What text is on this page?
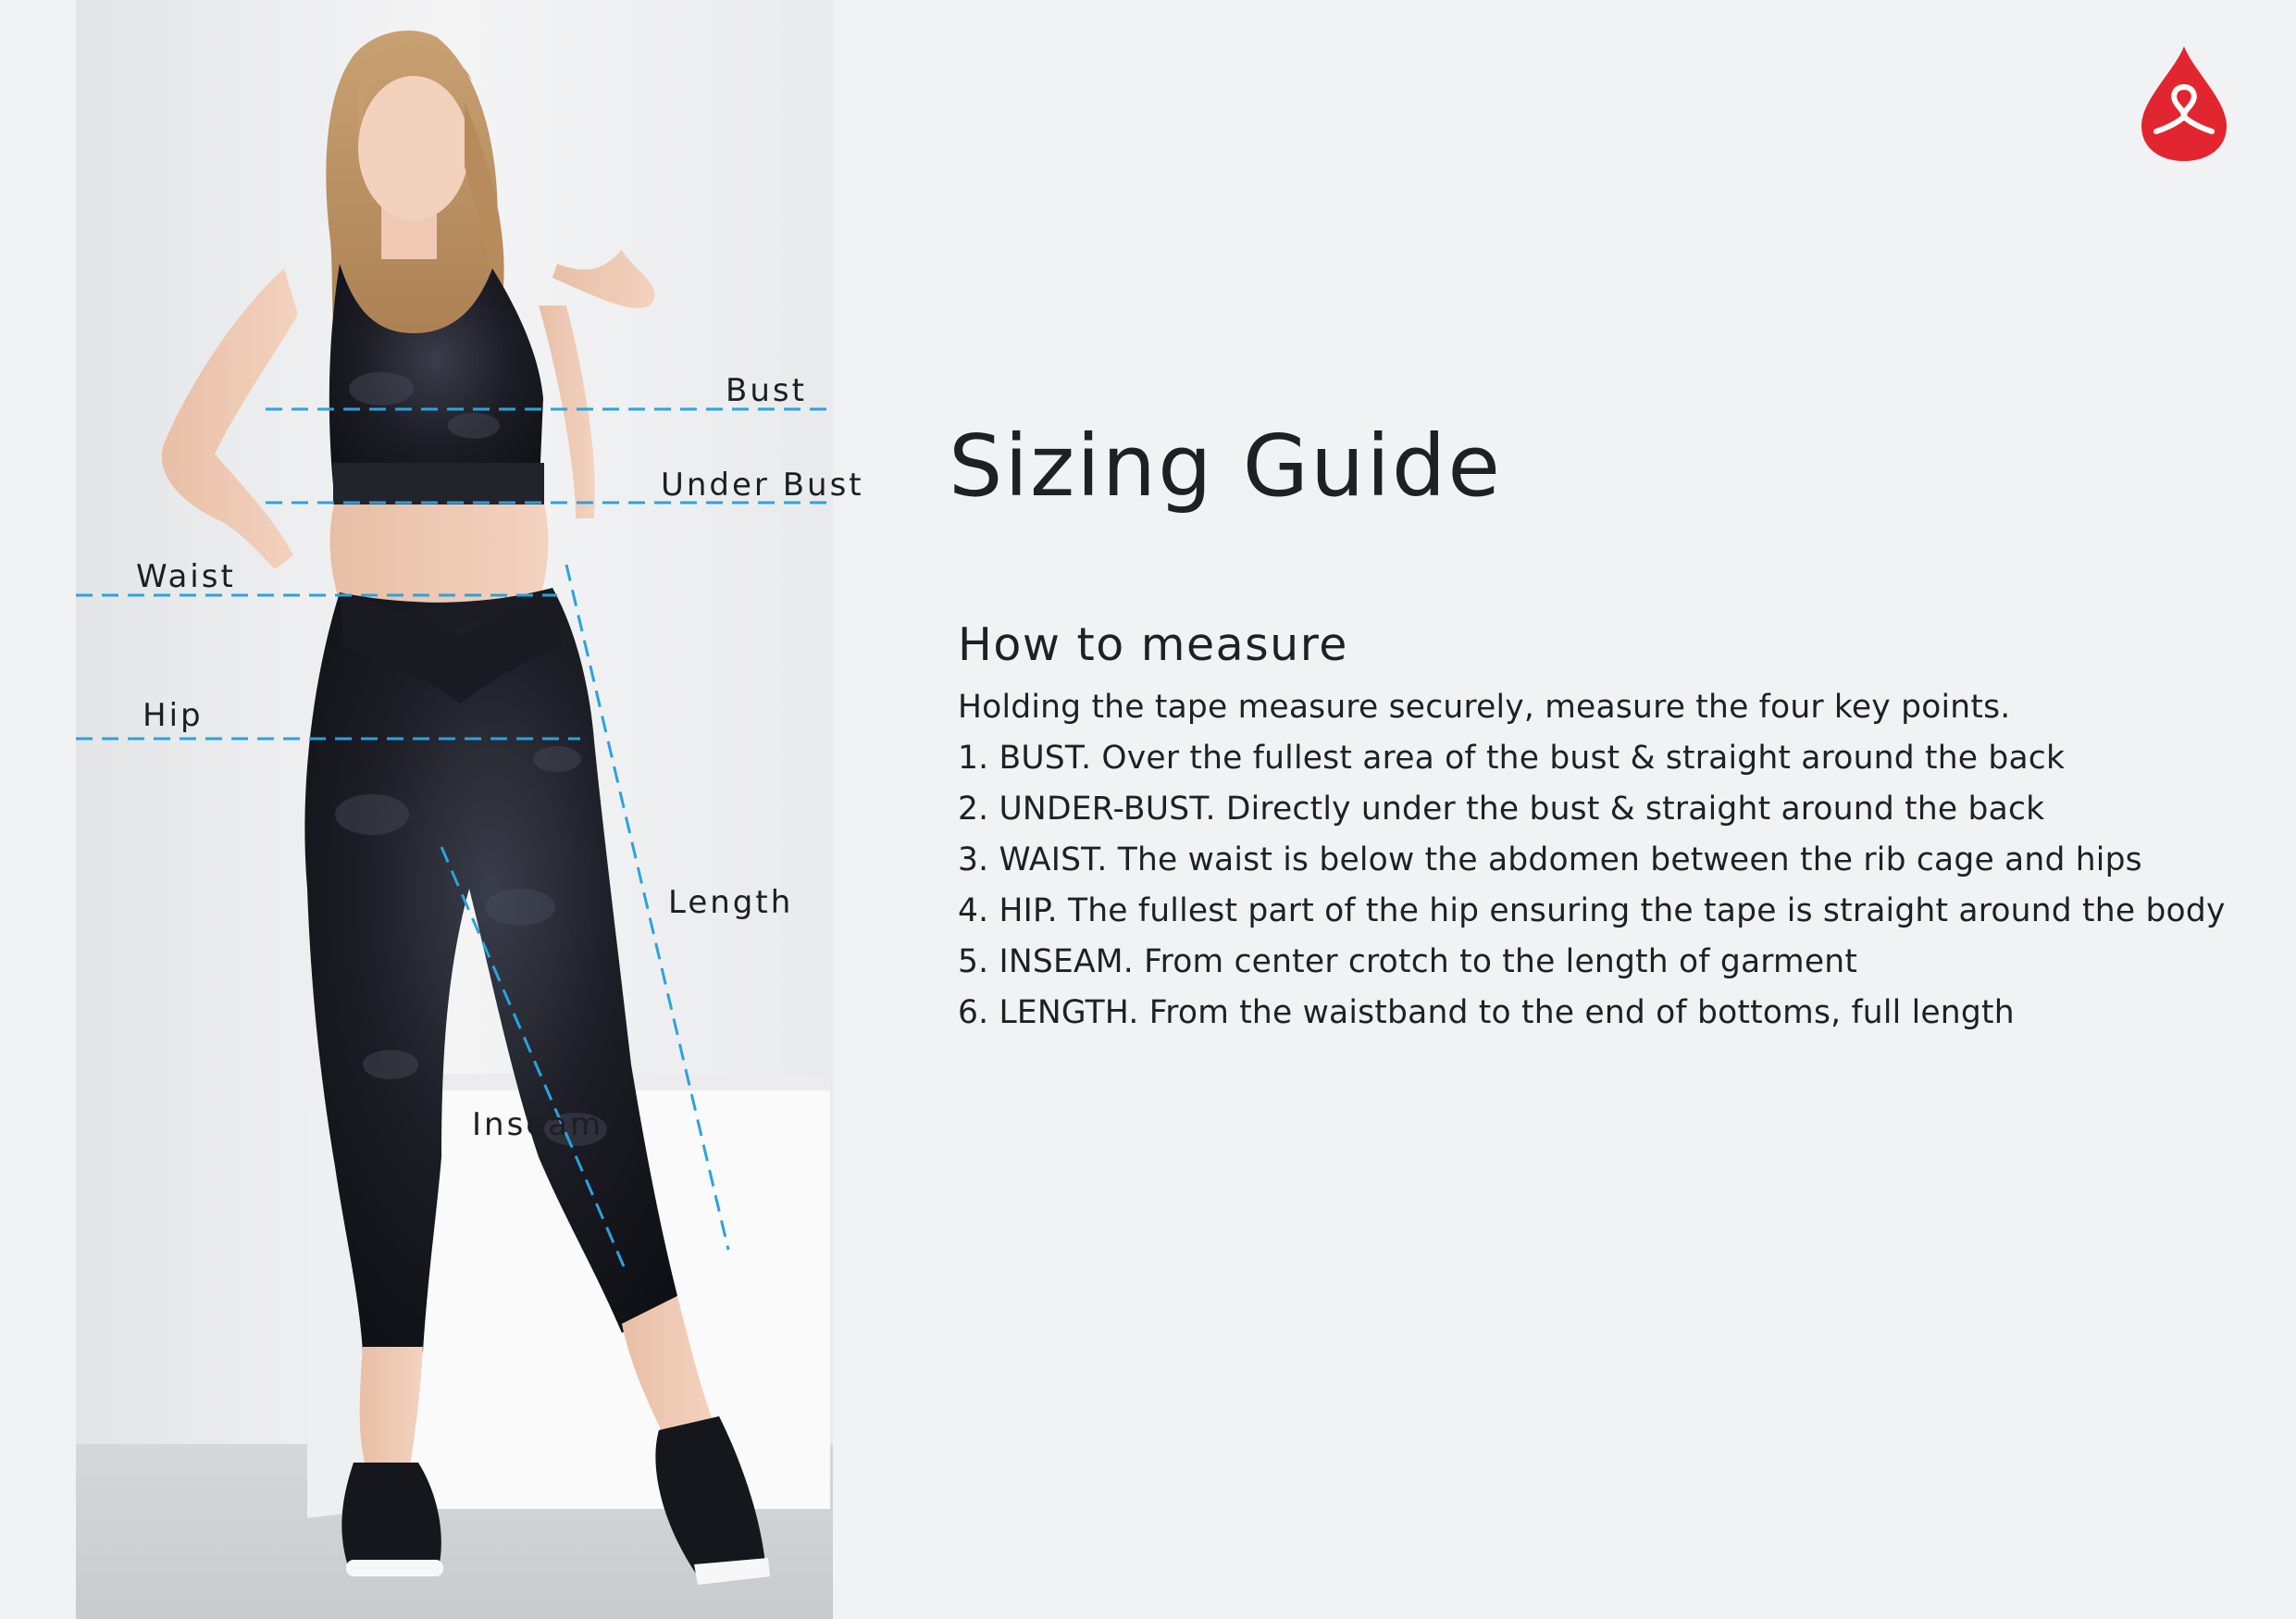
Bust
Under Bust
Waist
Hip
Length
Inseam
Sizing Guide
How to measure

Holding the tape measure securely, measure the four key points.

1. BUST. Over the fullest area of the bust & straight around the back

2. UNDER-BUST. Directly under the bust & straight around the back

3. WAIST. The waist is below the abdomen between the rib cage and hips

4. HIP. The fullest part of the hip ensuring the tape is straight around the body

5. INSEAM. From center crotch to the length of garment

6. LENGTH. From the waistband to the end of bottoms, full length
